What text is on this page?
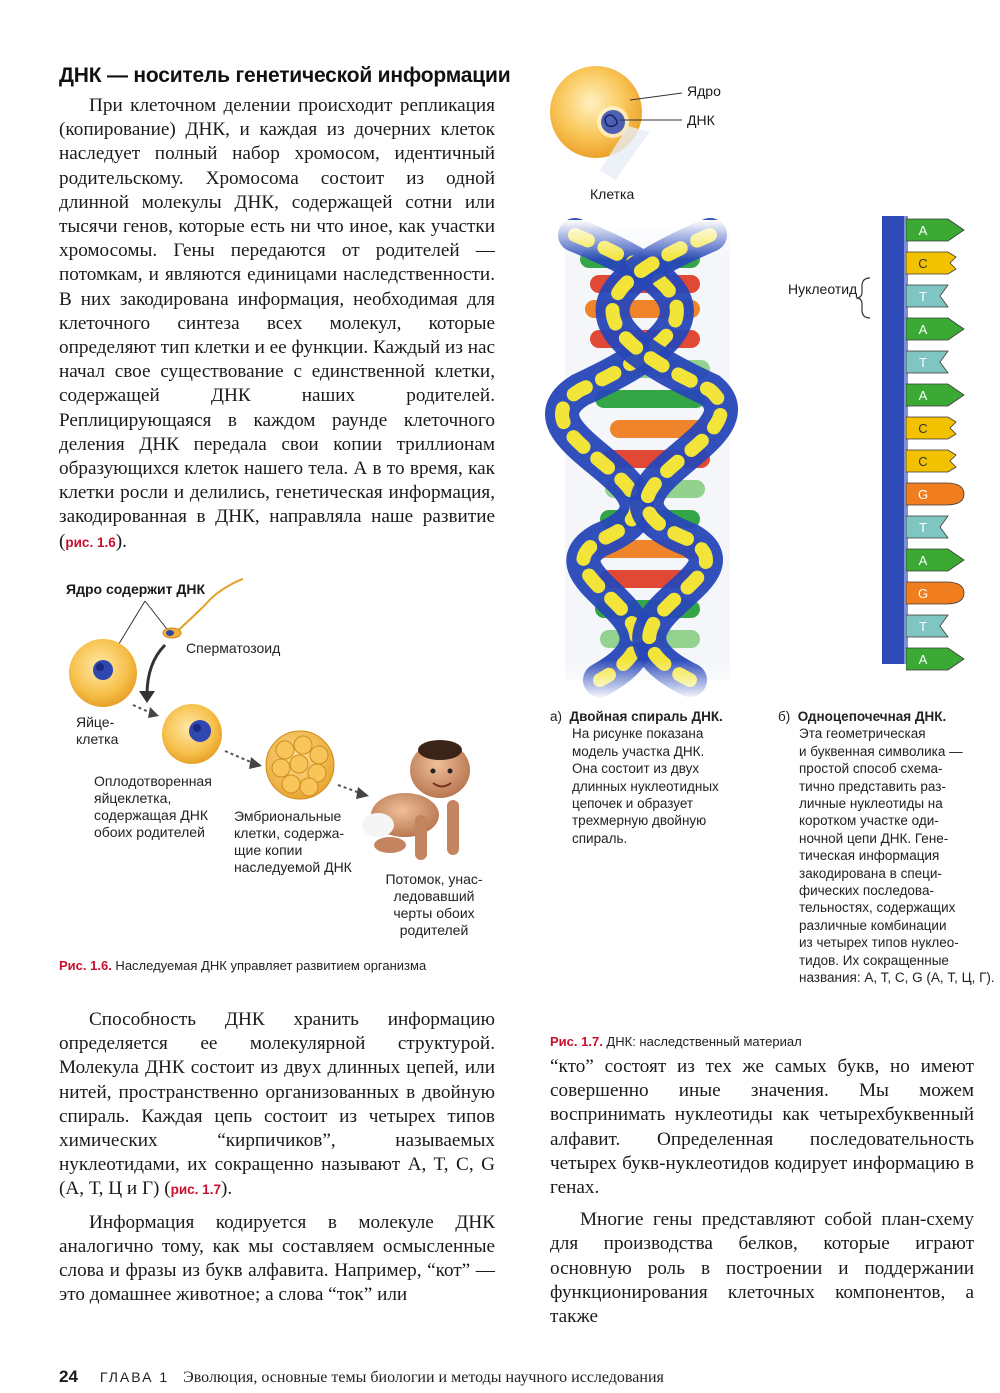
ДНК — носитель генетической информации

При клеточном делении происходит репликация (копирование) ДНК, и каждая из дочерних клеток наследует полный набор хромосом, идентичный родительскому. Хромосома состоит из одной длинной молекулы ДНК, содержащей сотни или тысячи генов, которые есть ни что иное, как участки хромосомы. Гены передаются от родителей — потомкам, и являются единицами наследственности. В них закодирована информация, необходимая для клеточного синтеза всех молекул, которые определяют тип клетки и ее функции. Каждый из нас начал свое существование с единственной клетки, содержащей ДНК наших родителей. Реплицирующаяся в каждом раунде клеточного деления ДНК передала свои копии триллионам образующихся клеток нашего тела. А в то время, как клетки росли и делились, генетическая информация, закодированная в ДНК, направляла наше развитие (рис. 1.6).

Ядро содержит ДНК
Сперматозоид
Яйце-
клетка
Оплодотворенная
яйцеклетка,
содержащая ДНК
обоих родителей
Эмбриональные
клетки, содержа-
щие копии
наследуемой ДНК
Потомок, унас-
ледовавший
черты обоих
родителей
Рис. 1.6. Наследуемая ДНК управляет развитием организма

Способность ДНК хранить информацию определяется ее молекулярной структурой. Молекула ДНК состоит из двух длинных цепей, или нитей, пространственно организованных в двойную спираль. Каждая цепь состоит из четырех типов химических “кирпичиков”, называемых нуклеотидами, их сокращенно называют A, T, C, G (А, Т, Ц и Г) (рис. 1.7).

Информация кодируется в молекуле ДНК аналогично тому, как мы составляем осмысленные слова и фразы из букв алфавита. Например, “кот” — это домашнее животное; а слова “ток” или

Ядро
ДНК
Клетка
Нуклеотид
A
C
T
A
T
A
C
C
G
T
A
G
T
A
а) Двойная спираль ДНК.
На рисунке показана
модель участка ДНК.
Она состоит из двух
длинных нуклеотидных
цепочек и образует
трехмерную двойную
спираль.
б) Одноцепочечная ДНК.
Эта геометрическая
и буквенная символика —
простой способ схема-
тично представить раз-
личные нуклеотиды на
коротком участке оди-
ночной цепи ДНК. Гене-
тическая информация
закодирована в специ-
фических последова-
тельностях, содержащих
различные комбинации
из четырех типов нуклео-
тидов. Их сокращенные
названия: A, T, C, G (А, Т, Ц, Г).
Рис. 1.7. ДНК: наследственный материал

“кто” состоят из тех же самых букв, но имеют совершенно иные значения. Мы можем воспринимать нуклеотиды как четырехбуквенный алфавит. Определенная последовательность четырех букв-нуклеотидов кодирует информацию в генах.

Многие гены представляют собой план-схему для производства белков, которые играют основную роль в построении и поддержании функционирования клеточных компонентов, а также

24 ГЛАВА 1 Эволюция, основные темы биологии и методы научного исследования
